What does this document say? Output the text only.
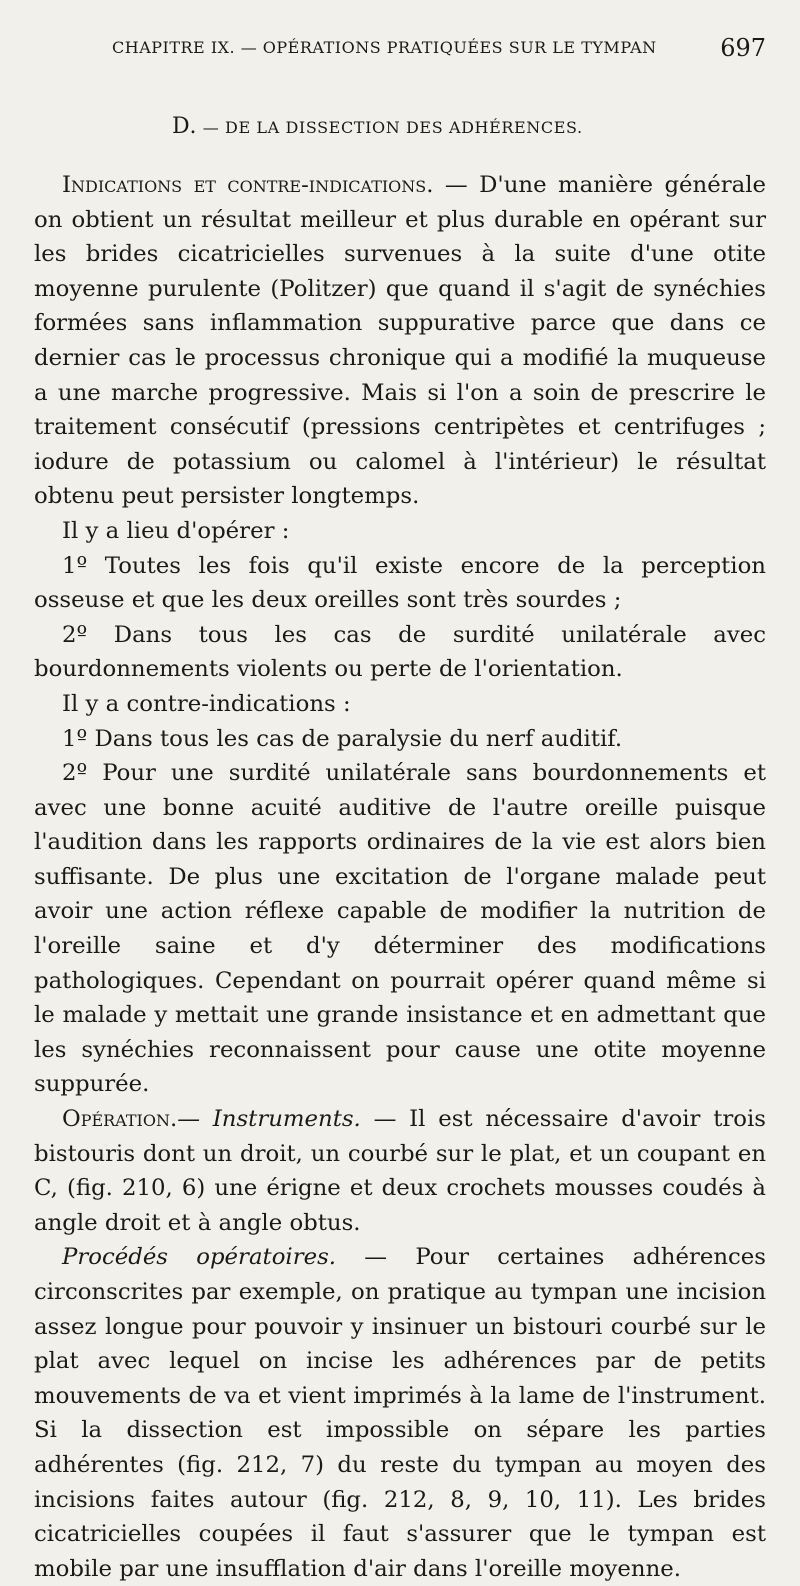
CHAPITRE IX. — OPÉRATIONS PRATIQUÉES SUR LE TYMPAN	697
D. — DE LA DISSECTION DES ADHÉRENCES.

Indications et contre-indications. — D'une manière générale on obtient un résultat meilleur et plus durable en opérant sur les brides cicatricielles survenues à la suite d'une otite moyenne purulente (Politzer) que quand il s'agit de synéchies formées sans inflammation suppurative parce que dans ce dernier cas le processus chronique qui a modifié la muqueuse a une marche progressive. Mais si l'on a soin de prescrire le traitement consécutif (pressions centripètes et centrifuges ; iodure de potassium ou calomel à l'intérieur) le résultat obtenu peut persister longtemps.

Il y a lieu d'opérer :

1º Toutes les fois qu'il existe encore de la perception osseuse et que les deux oreilles sont très sourdes ;

2º Dans tous les cas de surdité unilatérale avec bourdonnements violents ou perte de l'orientation.

Il y a contre-indications :

1º Dans tous les cas de paralysie du nerf auditif.

2º Pour une surdité unilatérale sans bourdonnements et avec une bonne acuité auditive de l'autre oreille puisque l'audition dans les rapports ordinaires de la vie est alors bien suffisante. De plus une excitation de l'organe malade peut avoir une action réflexe capable de modifier la nutrition de l'oreille saine et d'y déterminer des modifications pathologiques. Cependant on pourrait opérer quand même si le malade y mettait une grande insistance et en admettant que les synéchies reconnaissent pour cause une otite moyenne suppurée.

Opération.— Instruments. — Il est nécessaire d'avoir trois bistouris dont un droit, un courbé sur le plat, et un coupant en C, (fig. 210, 6) une érigne et deux crochets mousses coudés à angle droit et à angle obtus.

Procédés opératoires. — Pour certaines adhérences circonscrites par exemple, on pratique au tympan une incision assez longue pour pouvoir y insinuer un bistouri courbé sur le plat avec lequel on incise les adhérences par de petits mouvements de va et vient imprimés à la lame de l'instrument. Si la dissection est impossible on sépare les parties adhérentes (fig. 212, 7) du reste du tympan au moyen des incisions faites autour (fig. 212, 8, 9, 10, 11). Les brides cicatricielles coupées il faut s'assurer que le tympan est mobile par une insufflation d'air dans l'oreille moyenne.
